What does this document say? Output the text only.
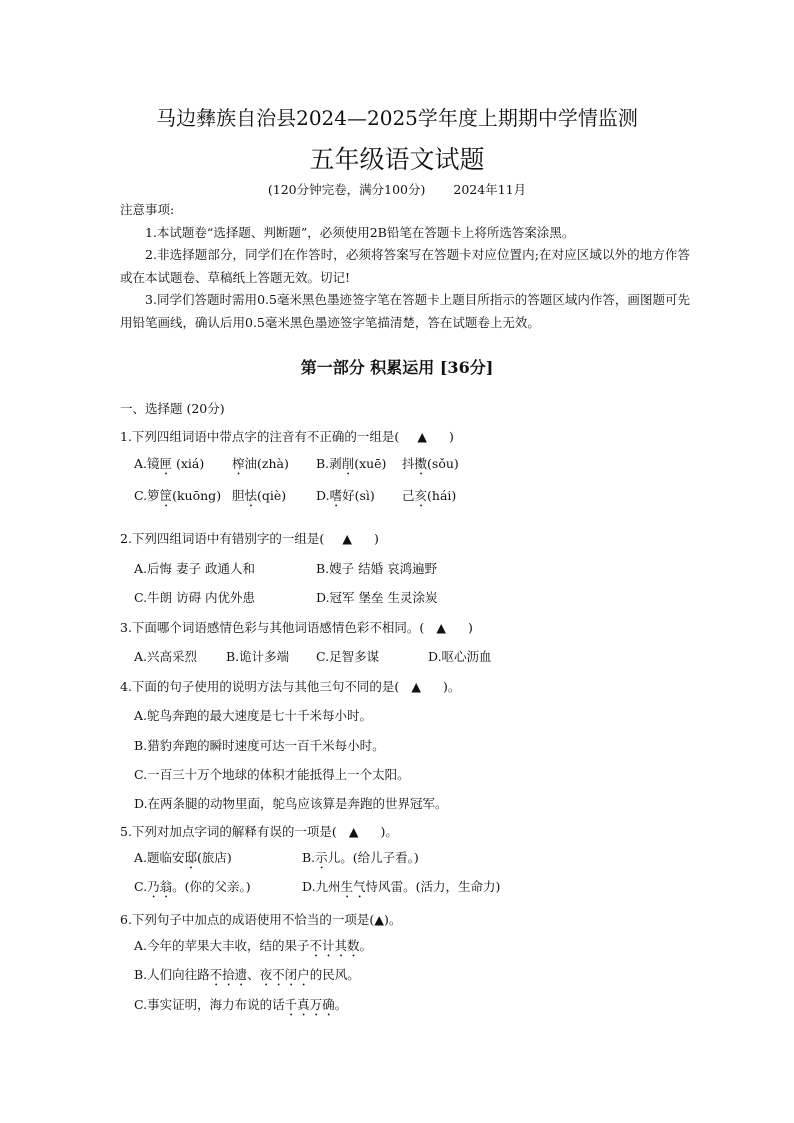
马边彝族自治县2024—2025学年度上期期中学情监测
五年级语文试题
(120分钟完卷，满分100分) 2024年11月
注意事项:
1.本试题卷“选择题、判断题”，必须使用2B铅笔在答题卡上将所选答案涂黑。
2.非选择题部分，同学们在作答时，必须将答案写在答题卡对应位置内;在对应区域以外的地方作答或在本试题卷、草稿纸上答题无效。切记!
3.同学们答题时需用0.5毫米黑色墨迹签字笔在答题卡上题目所指示的答题区域内作答，画图题可先用铅笔画线，确认后用0.5毫米黑色墨迹签字笔描清楚，答在试题卷上无效。
第一部分 积累运用 [36分]
一、选择题 (20分)
1.下列四组词语中带点字的注音有不正确的一组是( ▲ )
A.镜匣 (xiá) 榨油(zhà) B.剥削(xuē) 抖擞(sǒu)
C.箩筐(kuōng) 胆怯(qiè) D.嗜好(sì) 己亥(hái)
2.下列四组词语中有错别字的一组是( ▲ )
A.后悔 妻子 政通人和	B.嫂子 结婚 哀鸿遍野
C.牛朗 访碍 内优外患	D.冠军 堡垒 生灵涂炭
3.下面哪个词语感情色彩与其他词语感情色彩不相同。( ▲ )
A.兴高采烈 B.诡计多端 C.足智多谋	D.呕心沥血
4.下面的句子使用的说明方法与其他三句不同的是( ▲ )。
A.鸵鸟奔跑的最大速度是七十千米每小时。
B.猎豹奔跑的瞬时速度可达一百千米每小时。
C.一百三十万个地球的体积才能抵得上一个太阳。
D.在两条腿的动物里面，鸵鸟应该算是奔跑的世界冠军。
5.下列对加点字词的解释有误的一项是( ▲ )。
A.题临安邸(旅店)	B.示儿。(给儿子看。)
C.乃翁。(你的父亲。)	D.九州生气恃风雷。(活力，生命力)
6.下列句子中加点的成语使用不恰当的一项是(▲)。
A.今年的苹果大丰收，结的果子不计其数。
B.人们向往路不拾遗、夜不闭户的民风。
C.事实证明，海力布说的话千真万确。
